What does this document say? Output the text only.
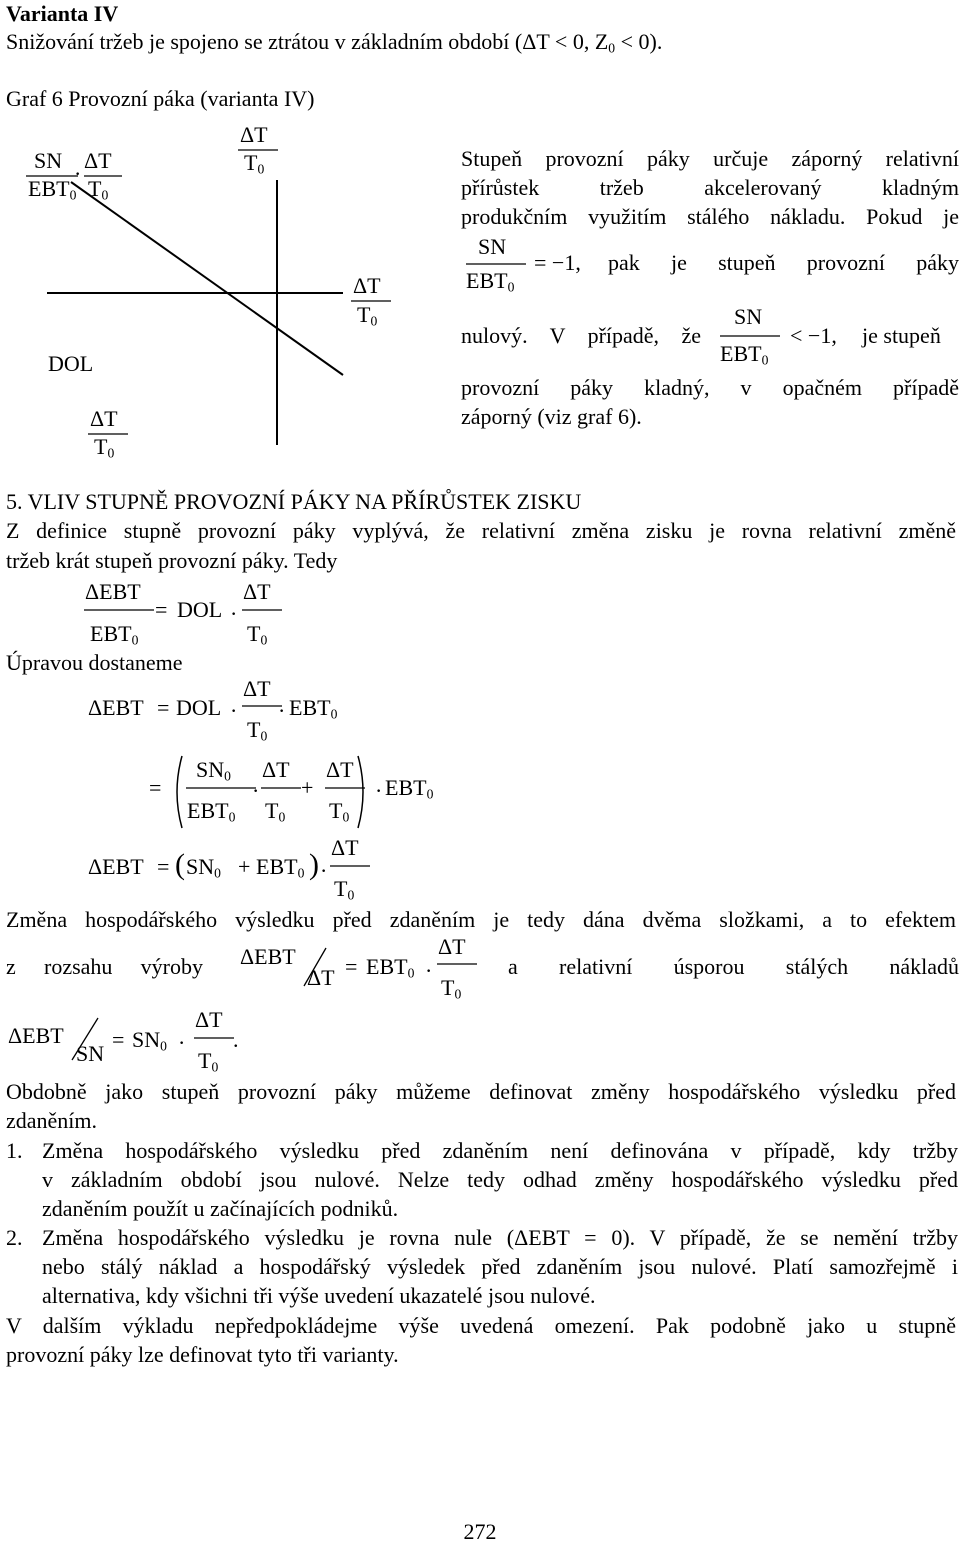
Varianta IV
Snižování tržeb je spojeno se ztrátou v základním období (ΔT < 0, $Z_0 < 0$).
Graf 6 Provozní páka (varianta IV)
SN
·
ΔT
$EBT_0$ $T_0$
ΔT
$T_0$
ΔT
$T_0$
DOL
ΔT
$T_0$
Stupeň provozní páky určuje záporný relativní
přírůstek tržeb akcelerovaný kladným
produkčním využitím stálého nákladu. Pokud je
SN
$EBT_0$
= −1, pak je stupeň provozní páky
nulový. V případě, že
SN
$EBT_0$
< −1, je stupeň
provozní páky kladný, v opačném případě
záporný (viz graf 6).
5. VLIV STUPNĚ PROVOZNÍ PÁKY NA PŘÍRŮSTEK ZISKU
Z definice stupně provozní páky vyplývá, že relativní změna zisku je rovna relativní změně
tržeb krát stupeň provozní páky. Tedy
ΔEBT
$EBT_0$
= DOL ·
ΔT
$T_0$
Úpravou dostaneme
ΔEBT = DOL ·
ΔT
$T_0$
· $EBT_0$
=
$SN_0$
$EBT_0$
·
ΔT
$T_0$
+
ΔT
$T_0$
· $EBT_0$
ΔEBT = ( $SN_0 + EBT_0$ ) ·
ΔT
$T_0$
Změna hospodářského výsledku před zdaněním je tedy dána dvěma složkami, a to efektem
z rozsahu výroby ΔEBT
$\Delta T = EBT_0$ ·
ΔT
$T_0$
a relativní úsporou stálých nákladů
ΔEBT
SN
= $SN_0$ ·
ΔT
$T_0$
.
Obdobně jako stupeň provozní páky můžeme definovat změny hospodářského výsledku před
zdaněním.
1. Změna hospodářského výsledku před zdaněním není definována v případě, kdy tržby
v základním období jsou nulové. Nelze tedy odhad změny hospodářského výsledku před
zdaněním použít u začínajících podniků.
2. Změna hospodářského výsledku je rovna nule (ΔEBT = 0). V případě, že se nemění tržby
nebo stálý náklad a hospodářský výsledek před zdaněním jsou nulové. Platí samozřejmě i
alternativa, kdy všichni tři výše uvedení ukazatelé jsou nulové.
V dalším výkladu nepředpokládejme výše uvedená omezení. Pak podobně jako u stupně
provozní páky lze definovat tyto tři varianty.
272
